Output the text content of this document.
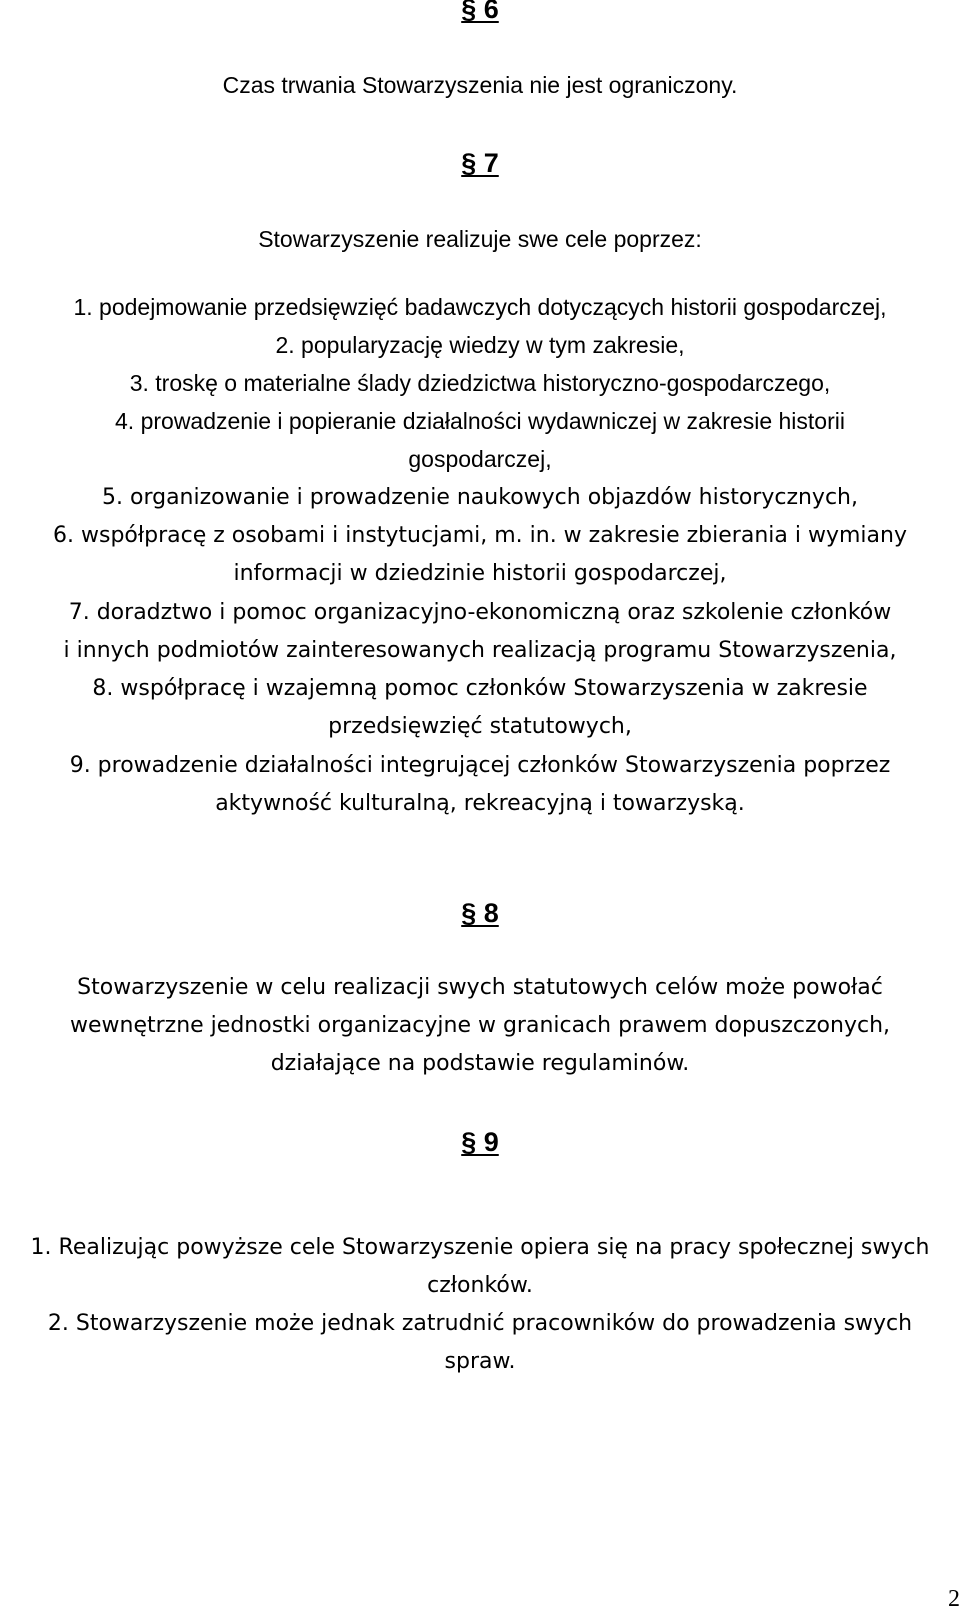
§ 6
Czas trwania Stowarzyszenia nie jest ograniczony.
§ 7
Stowarzyszenie realizuje swe cele poprzez:
1. podejmowanie przedsięwzięć badawczych dotyczących historii gospodarczej,
2. popularyzację wiedzy w tym zakresie,
3. troskę o materialne ślady dziedzictwa historyczno-gospodarczego,
4. prowadzenie i popieranie działalności wydawniczej w zakresie historii
gospodarczej,
5. organizowanie i prowadzenie naukowych objazdów historycznych,
6. współpracę z osobami i instytucjami, m. in. w zakresie zbierania i wymiany
informacji w dziedzinie historii gospodarczej,
7. doradztwo i pomoc organizacyjno-ekonomiczną oraz szkolenie członków
i innych podmiotów zainteresowanych realizacją programu Stowarzyszenia,
8. współpracę i wzajemną pomoc członków Stowarzyszenia w zakresie
przedsięwzięć statutowych,
9. prowadzenie działalności integrującej członków Stowarzyszenia poprzez
aktywność kulturalną, rekreacyjną i towarzyską.
§ 8
Stowarzyszenie w celu realizacji swych statutowych celów może powołać
wewnętrzne jednostki organizacyjne w granicach prawem dopuszczonych,
działające na podstawie regulaminów.
§ 9
1. Realizując powyższe cele Stowarzyszenie opiera się na pracy społecznej swych
członków.
2. Stowarzyszenie może jednak zatrudnić pracowników do prowadzenia swych
spraw.
2
